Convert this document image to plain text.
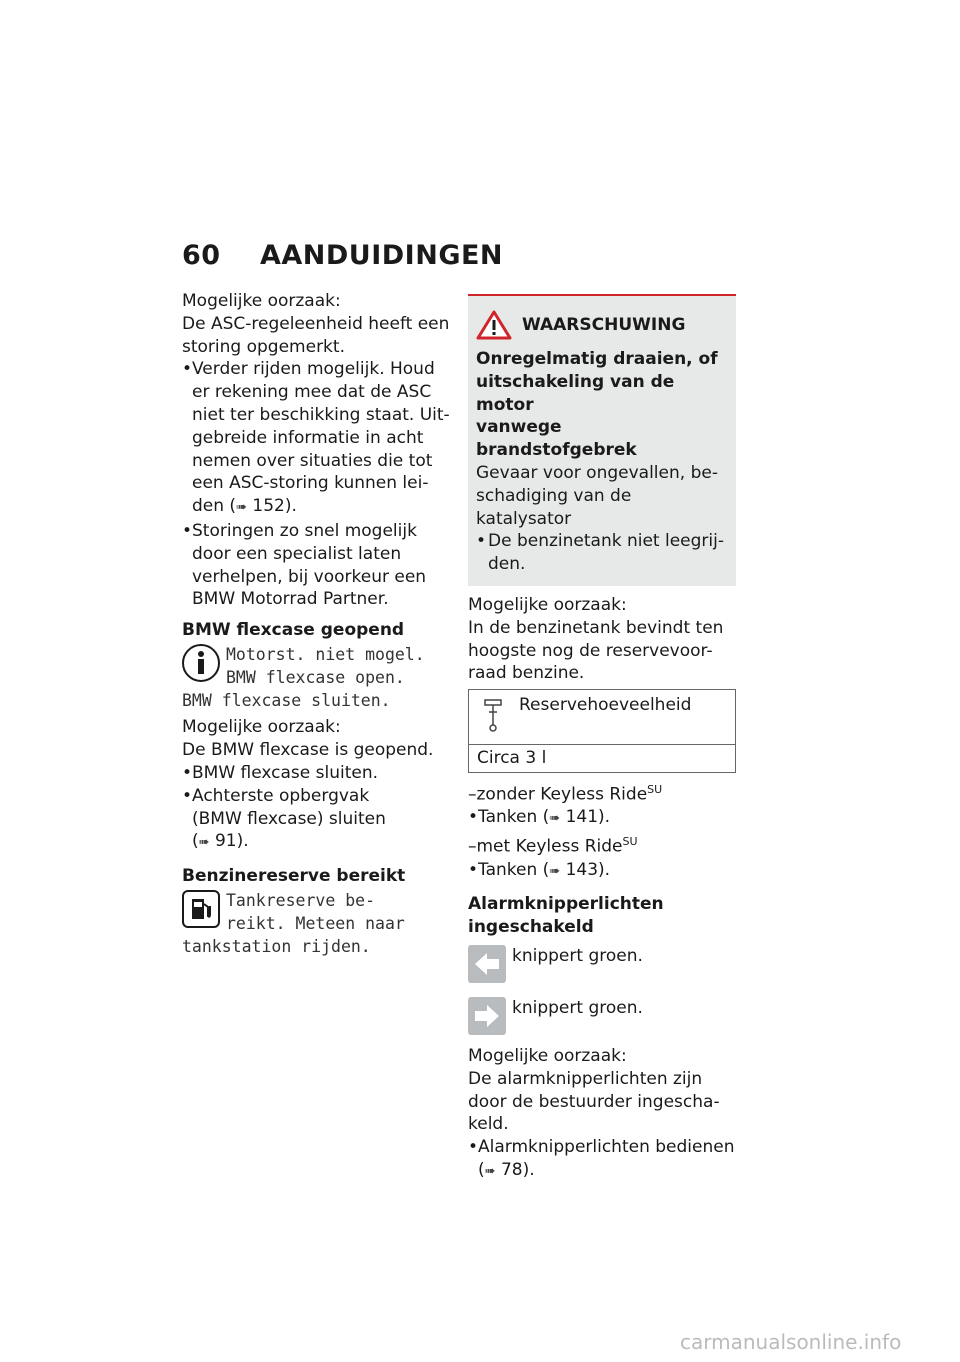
60 AANDUIDINGEN

Mogelijke oorzaak:

De ASC-regeleenheid heeft een

storing opgemerkt.

• Verder rijden mogelijk. Houd
er rekening mee dat de ASC
niet ter beschikking staat. Uit-
gebreide informatie in acht
nemen over situaties die tot
een ASC-storing kunnen lei-
den (➠ 152).
• Storingen zo snel mogelijk
door een specialist laten
verhelpen, bij voorkeur een
BMW Motorrad Partner.

BMW flexcase geopend

Motorst. niet mogel.
BMW flexcase open.
BMW flexcase sluiten.

Mogelijke oorzaak:

De BMW flexcase is geopend.

• BMW flexcase sluiten.
• Achterste opbergvak
(BMW flexcase) sluiten
(➠ 91).

Benzinereserve bereikt

Tankreserve be-
reikt. Meteen naar
tankstation rijden.
WAARSCHUWING
Onregelmatig draaien, of
uitschakeling van de motor
vanwege brandstofgebrek
Gevaar voor ongevallen, be-
schadiging van de katalysator
• De benzinetank niet leegrij-
den.

Mogelijke oorzaak:

In de benzinetank bevindt ten

hoogste nog de reservevoor-

raad benzine.

Reservehoeveelheid
Circa 3 l
–zonder Keyless Ride$^{SU}$
• Tanken (➠ 141).
–met Keyless Ride$^{SU}$
• Tanken (➠ 143).

Alarmknipperlichten

ingeschakeld

knippert groen.
knippert groen.

Mogelijke oorzaak:

De alarmknipperlichten zijn

door de bestuurder ingescha-

keld.

• Alarmknipperlichten bedienen
(➠ 78).
carmanualsonline.info
